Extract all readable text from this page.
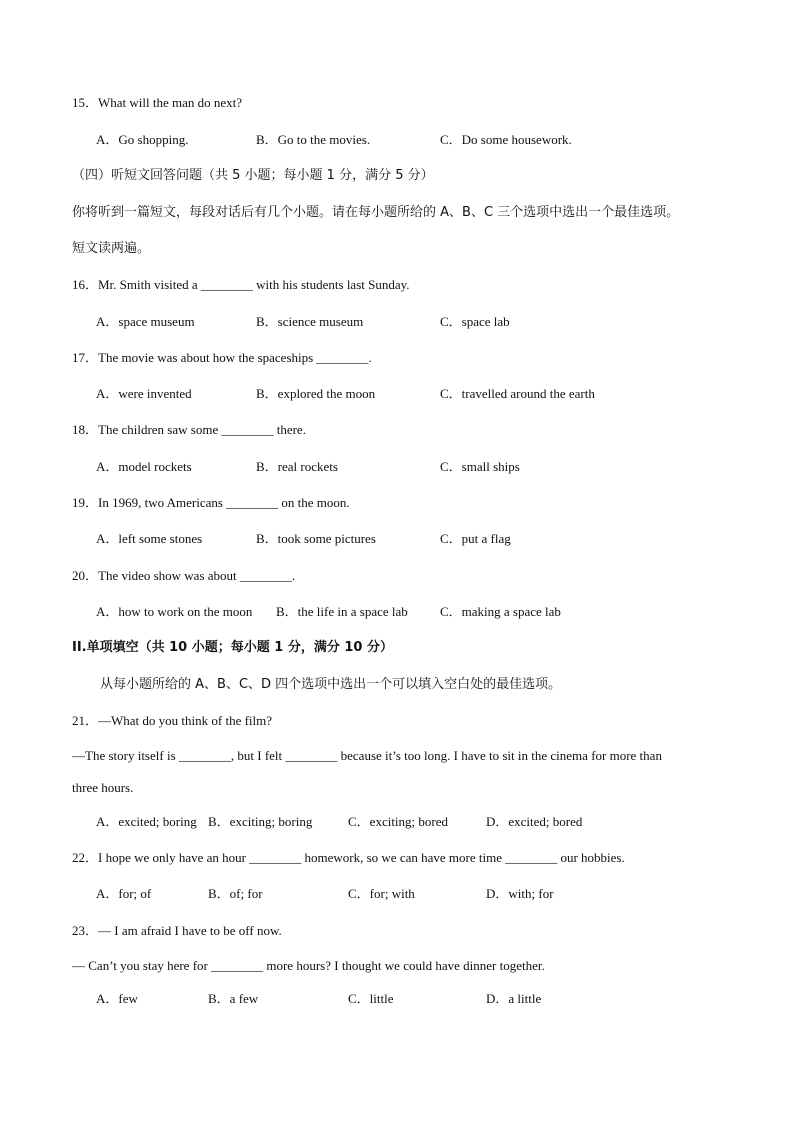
15．What will the man do next?
A．Go shopping.	B．Go to the movies.	C．Do some housework.
（四）听短文回答问题（共 5 小题；每小题 1 分，满分 5 分）
你将听到一篇短文，每段对话后有几个小题。请在每小题所给的 A、B、C 三个选项中选出一个最佳选项。
短文读两遍。
16．Mr. Smith visited a ________ with his students last Sunday.
A．space museum	B．science museum	C．space lab
17．The movie was about how the spaceships ________.
A．were invented	B．explored the moon	C．travelled around the earth
18．The children saw some ________ there.
A．model rockets	B．real rockets	C．small ships
19．In 1969, two Americans ________ on the moon.
A．left some stones	B．took some pictures	C．put a flag
20．The video show was about ________.
A．how to work on the moon B．the life in a space lab C．making a space lab
II.单项填空（共 10 小题；每小题 1 分，满分 10 分）
从每小题所给的 A、B、C、D 四个选项中选出一个可以填入空白处的最佳选项。
21．—What do you think of the film?
—The story itself is ________, but I felt ________ because it’s too long. I have to sit in the cinema for more than
three hours.
A．excited; boring B．exciting; boring	C．exciting; bored	D．excited; bored
22．I hope we only have an hour ________ homework, so we can have more time ________ our hobbies.
A．for; of	B．of; for	C．for; with	D．with; for
23．— I am afraid I have to be off now.
— Can’t you stay here for ________ more hours? I thought we could have dinner together.
A．few	B．a few	C．little	D．a little
